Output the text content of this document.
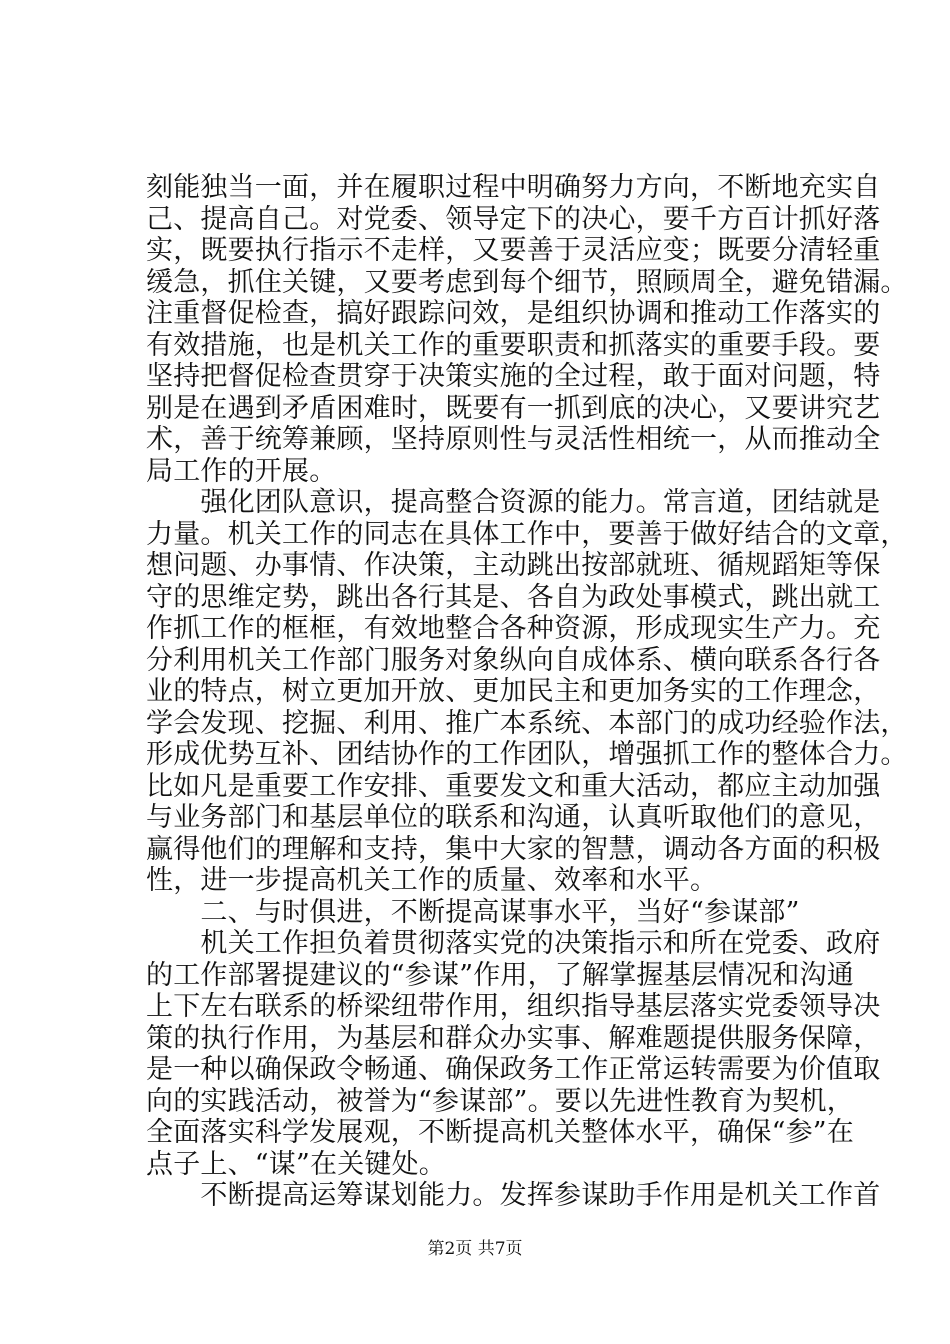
刻能独当一面，并在履职过程中明确努力方向，不断地充实自
己、提高自己。对党委、领导定下的决心，要千方百计抓好落
实，既要执行指示不走样，又要善于灵活应变；既要分清轻重
缓急，抓住关键，又要考虑到每个细节，照顾周全，避免错漏。
注重督促检查，搞好跟踪问效，是组织协调和推动工作落实的
有效措施，也是机关工作的重要职责和抓落实的重要手段。要
坚持把督促检查贯穿于决策实施的全过程，敢于面对问题，特
别是在遇到矛盾困难时，既要有一抓到底的决心，又要讲究艺
术，善于统筹兼顾，坚持原则性与灵活性相统一，从而推动全
局工作的开展。
　　强化团队意识，提高整合资源的能力。常言道，团结就是
力量。机关工作的同志在具体工作中，要善于做好结合的文章，
想问题、办事情、作决策，主动跳出按部就班、循规蹈矩等保
守的思维定势，跳出各行其是、各自为政处事模式，跳出就工
作抓工作的框框，有效地整合各种资源，形成现实生产力。充
分利用机关工作部门服务对象纵向自成体系、横向联系各行各
业的特点，树立更加开放、更加民主和更加务实的工作理念，
学会发现、挖掘、利用、推广本系统、本部门的成功经验作法，
形成优势互补、团结协作的工作团队，增强抓工作的整体合力。
比如凡是重要工作安排、重要发文和重大活动，都应主动加强
与业务部门和基层单位的联系和沟通，认真听取他们的意见，
赢得他们的理解和支持，集中大家的智慧，调动各方面的积极
性，进一步提高机关工作的质量、效率和水平。
　　二、与时俱进，不断提高谋事水平，当好“参谋部”
　　机关工作担负着贯彻落实党的决策指示和所在党委、政府
的工作部署提建议的“参谋”作用，了解掌握基层情况和沟通
上下左右联系的桥梁纽带作用，组织指导基层落实党委领导决
策的执行作用，为基层和群众办实事、解难题提供服务保障，
是一种以确保政令畅通、确保政务工作正常运转需要为价值取
向的实践活动，被誉为“参谋部”。要以先进性教育为契机，
全面落实科学发展观，不断提高机关整体水平，确保“参”在
点子上、“谋”在关键处。
　　不断提高运筹谋划能力。发挥参谋助手作用是机关工作首
第2页 共7页
